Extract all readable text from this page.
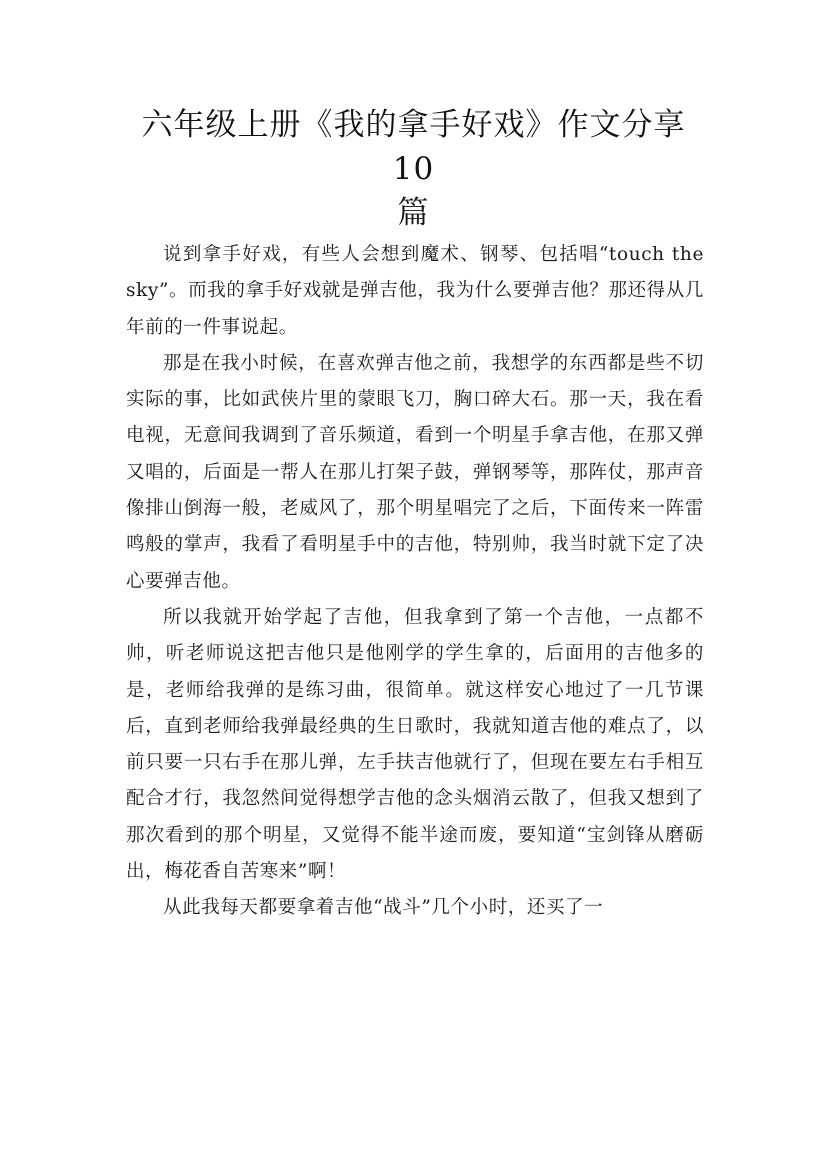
六年级上册《我的拿手好戏》作文分享 10
篇

说到拿手好戏，有些人会想到魔术、钢琴、包括唱“touch the sky”。而我的拿手好戏就是弹吉他，我为什么要弹吉他？那还得从几年前的一件事说起。

那是在我小时候，在喜欢弹吉他之前，我想学的东西都是些不切实际的事，比如武侠片里的蒙眼飞刀，胸口碎大石。那一天，我在看电视，无意间我调到了音乐频道，看到一个明星手拿吉他，在那又弹又唱的，后面是一帮人在那儿打架子鼓，弹钢琴等，那阵仗，那声音像排山倒海一般，老威风了，那个明星唱完了之后，下面传来一阵雷鸣般的掌声，我看了看明星手中的吉他，特别帅，我当时就下定了决心要弹吉他。

所以我就开始学起了吉他，但我拿到了第一个吉他，一点都不帅，听老师说这把吉他只是他刚学的学生拿的，后面用的吉他多的是，老师给我弹的是练习曲，很简单。就这样安心地过了一几节课后，直到老师给我弹最经典的生日歌时，我就知道吉他的难点了，以前只要一只右手在那儿弹，左手扶吉他就行了，但现在要左右手相互配合才行，我忽然间觉得想学吉他的念头烟消云散了，但我又想到了那次看到的那个明星，又觉得不能半途而废，要知道“宝剑锋从磨砺出，梅花香自苦寒来”啊！

从此我每天都要拿着吉他“战斗”几个小时，还买了一
